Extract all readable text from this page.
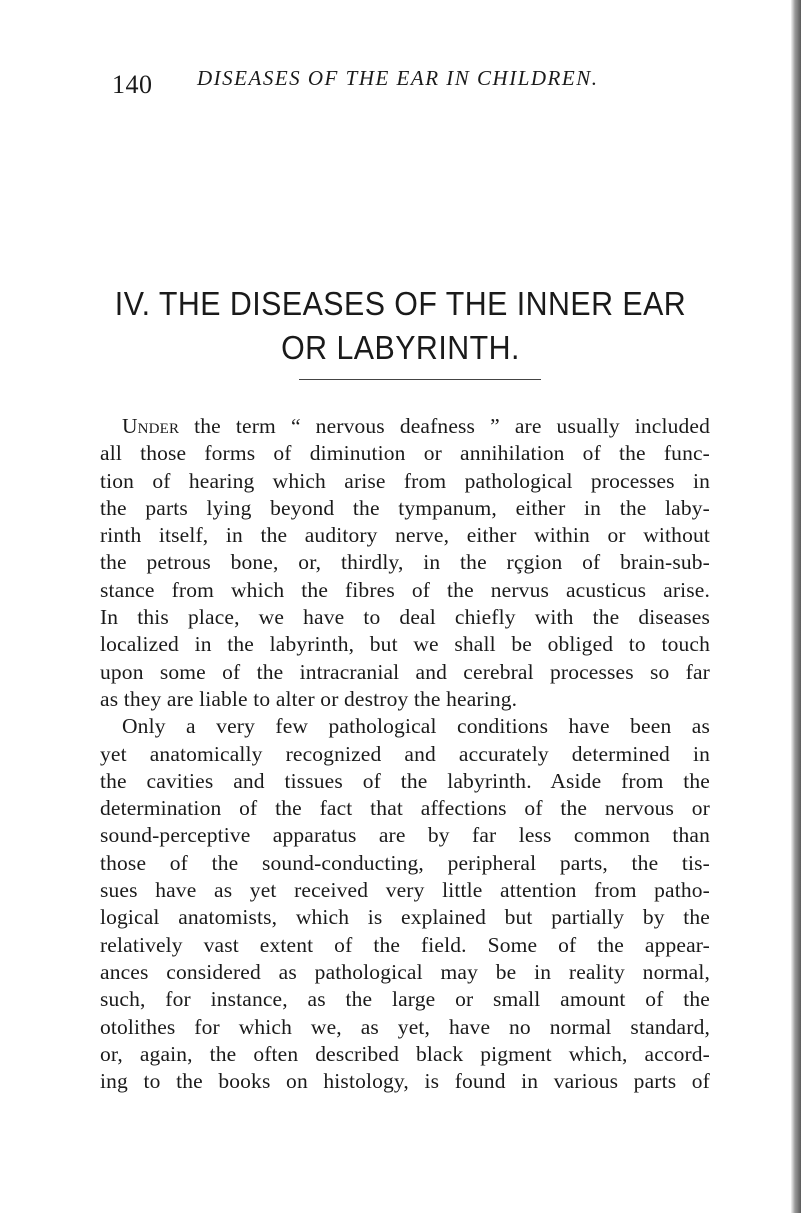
140 DISEASES OF THE EAR IN CHILDREN.
IV. THE DISEASES OF THE INNER EAR
OR LABYRINTH.
Under the term “ nervous deafness ” are usually included
all those forms of diminution or annihilation of the func-
tion of hearing which arise from pathological processes in
the parts lying beyond the tympanum, either in the laby-
rinth itself, in the auditory nerve, either within or without
the petrous bone, or, thirdly, in the rçgion of brain-sub-
stance from which the fibres of the nervus acusticus arise.
In this place, we have to deal chiefly with the diseases
localized in the labyrinth, but we shall be obliged to touch
upon some of the intracranial and cerebral processes so far
as they are liable to alter or destroy the hearing.
Only a very few pathological conditions have been as
yet anatomically recognized and accurately determined in
the cavities and tissues of the labyrinth. Aside from the
determination of the fact that affections of the nervous or
sound-perceptive apparatus are by far less common than
those of the sound-conducting, peripheral parts, the tis-
sues have as yet received very little attention from patho-
logical anatomists, which is explained but partially by the
relatively vast extent of the field. Some of the appear-
ances considered as pathological may be in reality normal,
such, for instance, as the large or small amount of the
otolithes for which we, as yet, have no normal standard,
or, again, the often described black pigment which, accord-
ing to the books on histology, is found in various parts of
